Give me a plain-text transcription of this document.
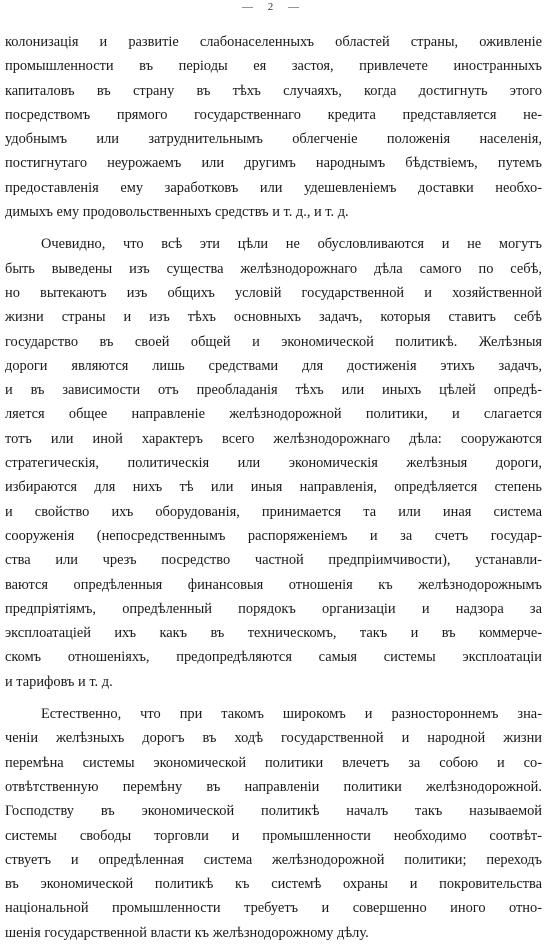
— 2 —
колонизація и развитіе слабонаселенныхъ областей страны, оживленіе
промышленности въ періоды ея застоя, привлечете иностранныхъ
капиталовъ въ страну въ тѣхъ случаяхъ, когда достигнуть этого
посредствомъ прямого государственнаго кредита представляется не-
удобнымъ или затруднительнымъ облегченіе положенія населенія,
постигнутаго неурожаемъ или другимъ народнымъ бѣдствіемъ, путемъ
предоставленія ему заработковъ или удешевленіемъ доставки необхо-
димыхъ ему продовольственныхъ средствъ и т. д., и т. д.
Очевидно, что всѣ эти цѣли не обусловливаются и не могутъ
быть выведены изъ существа желѣзнодорожнаго дѣла самого по себѣ,
но вытекаютъ изъ общихъ условій государственной и хозяйственной
жизни страны и изъ тѣхъ основныхъ задачъ, которыя ставитъ себѣ
государство въ своей общей и экономической политикѣ. Желѣзныя
дороги являются лишь средствами для достиженія этихъ задачъ,
и въ зависимости отъ преобладанія тѣхъ или иныхъ цѣлей опредѣ-
ляется общее направленіе желѣзнодорожной политики, и слагается
тотъ или иной характеръ всего желѣзнодорожнаго дѣла: сооружаются
стратегическія, политическія или экономическія желѣзныя дороги,
избираются для нихъ тѣ или иныя направленія, опредѣляется степень
и свойство ихъ оборудованія, принимается та или иная система
сооруженія (непосредственнымъ распоряженіемъ и за счетъ государ-
ства или чрезъ посредство частной предпріимчивости), устанавли-
ваются опредѣленныя финансовыя отношенія къ желѣзнодорожнымъ
предпріятіямъ, опредѣленный порядокъ организаціи и надзора за
эксплоатаціей ихъ какъ въ техническомъ, такъ и въ коммерче-
скомъ отношеніяхъ, предопредѣляются самыя системы эксплоатаціи
и тарифовъ и т. д.
Естественно, что при такомъ широкомъ и разностороннемъ зна-
ченіи желѣзныхъ дорогъ въ ходѣ государственной и народной жизни
перемѣна системы экономической политики влечетъ за собою и со-
отвѣтственную перемѣну въ направленіи политики желѣзнодорожной.
Господству въ экономической политикѣ началъ такъ называемой
системы свободы торговли и промышленности необходимо соотвѣт-
ствуетъ и опредѣленная система желѣзнодорожной политики; переходъ
въ экономической политикѣ къ системѣ охраны и покровительства
національной промышленности требуетъ и совершенно иного отно-
шенія государственной власти къ желѣзнодорожному дѣлу.
